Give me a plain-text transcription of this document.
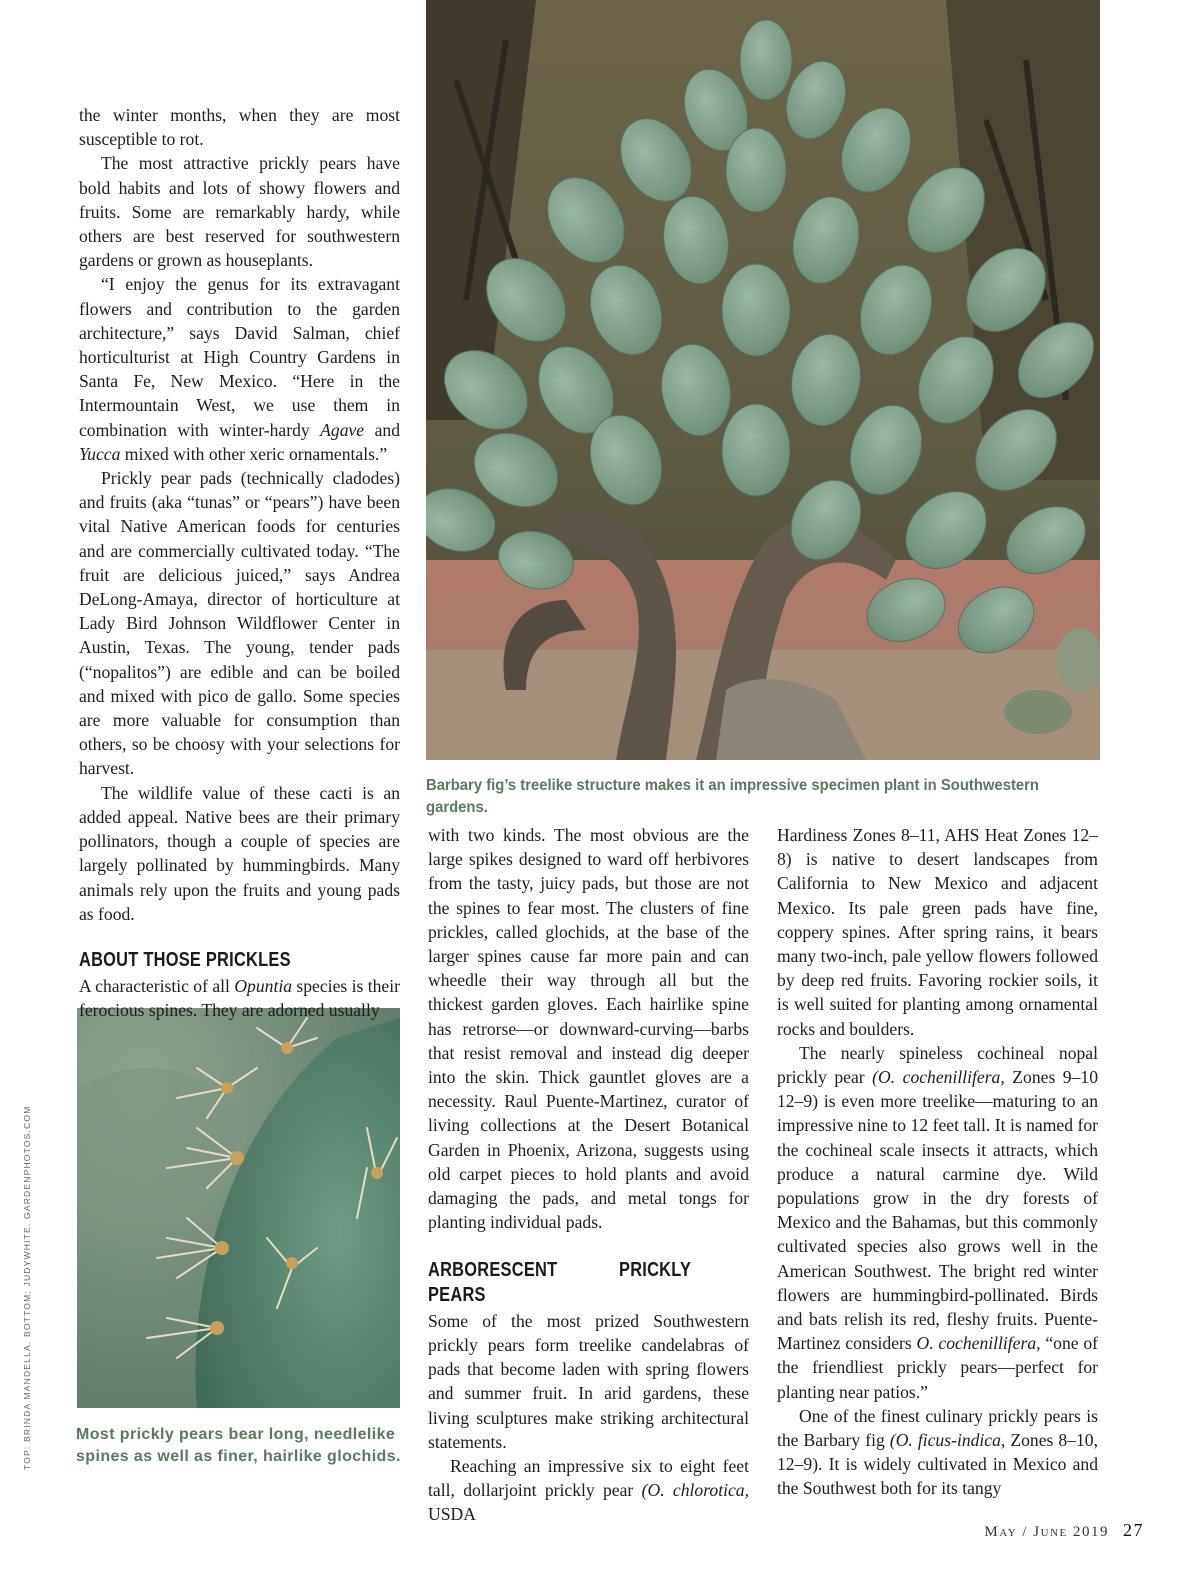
Barbary fig’s treelike structure makes it an impressive specimen plant in Southwestern gardens.
Most prickly pears bear long, needlelike spines as well as finer, hairlike glochids.

the winter months, when they are most susceptible to rot.

The most attractive prickly pears have bold habits and lots of showy flowers and fruits. Some are remarkably hardy, while others are best reserved for southwestern gardens or grown as houseplants.

“I enjoy the genus for its extravagant flowers and contribution to the garden architecture,” says David Salman, chief horticulturist at High Country Gardens in Santa Fe, New Mexico. “Here in the Intermountain West, we use them in combination with winter-hardy Agave and Yucca mixed with other xeric ornamentals.”

Prickly pear pads (technically cladodes) and fruits (aka “tunas” or “pears”) have been vital Native American foods for centuries and are commercially cultivated today. “The fruit are delicious juiced,” says Andrea DeLong-Amaya, director of horticulture at Lady Bird Johnson Wildflower Center in Austin, Texas. The young, tender pads (“nopalitos”) are edible and can be boiled and mixed with pico de gallo. Some species are more valuable for consumption than others, so be choosy with your selections for harvest.

The wildlife value of these cacti is an added appeal. Native bees are their primary pollinators, though a couple of species are largely pollinated by hummingbirds. Many animals rely upon the fruits and young pads as food.

ABOUT THOSE PRICKLES

A characteristic of all Opuntia species is their ferocious spines. They are adorned usually

with two kinds. The most obvious are the large spikes designed to ward off herbivores from the tasty, juicy pads, but those are not the spines to fear most. The clusters of fine prickles, called glochids, at the base of the larger spines cause far more pain and can wheedle their way through all but the thickest garden gloves. Each hairlike spine has retrorse—or downward-curving—barbs that resist removal and instead dig deeper into the skin. Thick gauntlet gloves are a necessity. Raul Puente-Martinez, curator of living collections at the Desert Botanical Garden in Phoenix, Arizona, suggests using old carpet pieces to hold plants and avoid damaging the pads, and metal tongs for planting individual pads.

ARBORESCENT PRICKLY PEARS

Some of the most prized Southwestern prickly pears form treelike candelabras of pads that become laden with spring flowers and summer fruit. In arid gardens, these living sculptures make striking architectural statements.

Reaching an impressive six to eight feet tall, dollarjoint prickly pear (O. chlorotica, USDA

Hardiness Zones 8–11, AHS Heat Zones 12–8) is native to desert landscapes from California to New Mexico and adjacent Mexico. Its pale green pads have fine, coppery spines. After spring rains, it bears many two-inch, pale yellow flowers followed by deep red fruits. Favoring rockier soils, it is well suited for planting among ornamental rocks and boulders.

The nearly spineless cochineal nopal prickly pear (O. cochenillifera, Zones 9–10 12–9) is even more treelike—maturing to an impressive nine to 12 feet tall. It is named for the cochineal scale insects it attracts, which produce a natural carmine dye. Wild populations grow in the dry forests of Mexico and the Bahamas, but this commonly cultivated species also grows well in the American Southwest. The bright red winter flowers are hummingbird-pollinated. Birds and bats relish its red, fleshy fruits. Puente-Martinez considers O. cochenillifera, “one of the friendliest prickly pears—perfect for planting near patios.”

One of the finest culinary prickly pears is the Barbary fig (O. ficus-indica, Zones 8–10, 12–9). It is widely cultivated in Mexico and the Southwest both for its tangy

TOP: BRINDA MANDELLA. BOTTOM: JUDYWHITE. GARDENPHOTOS.COM
May / June 2019 27
